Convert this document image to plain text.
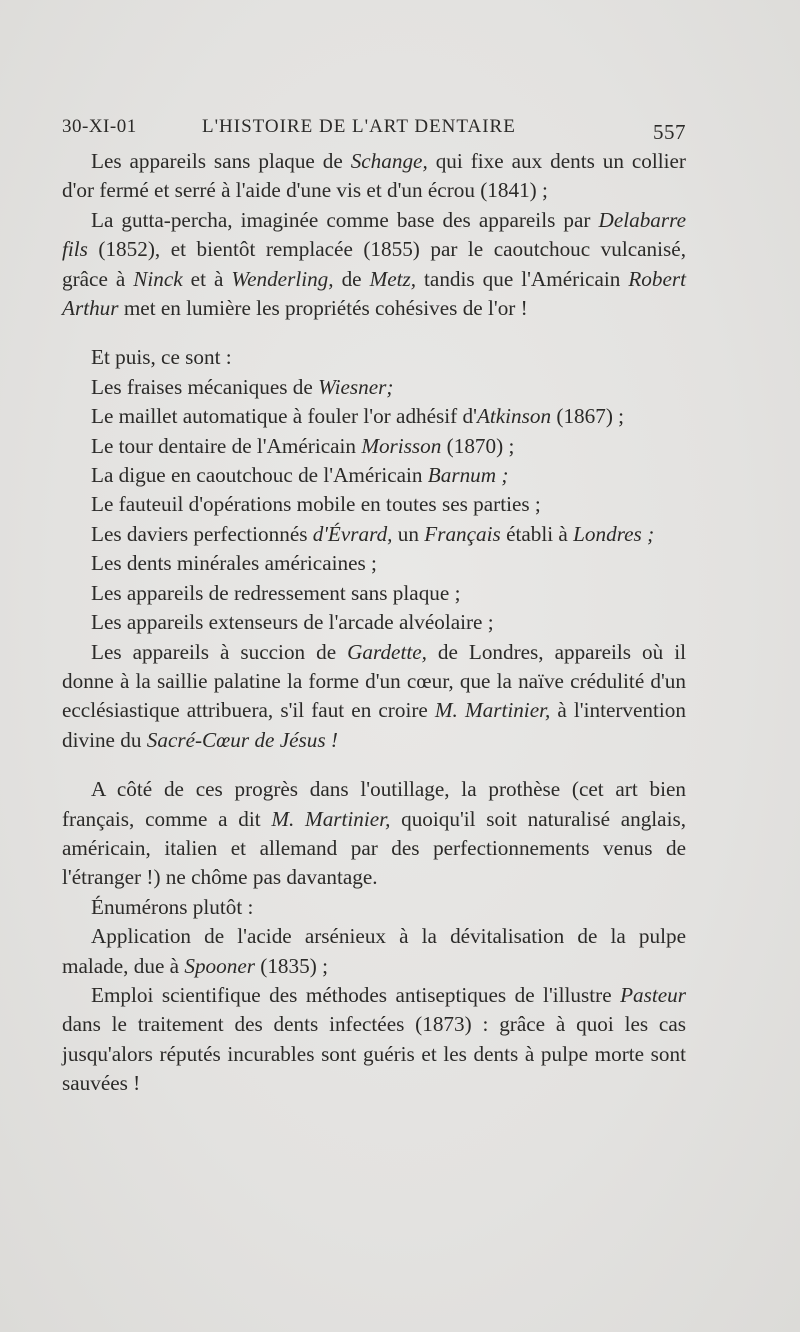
30-XI-01	L'HISTOIRE DE L'ART DENTAIRE	557

Les appareils sans plaque de Schange, qui fixe aux dents un collier d'or fermé et serré à l'aide d'une vis et d'un écrou (1841) ;

La gutta-percha, imaginée comme base des appareils par Delabarre fils (1852), et bientôt remplacée (1855) par le caoutchouc vulcanisé, grâce à Ninck et à Wenderling, de Metz, tandis que l'Américain Robert Arthur met en lumière les propriétés cohésives de l'or !

Et puis, ce sont :

Les fraises mécaniques de Wiesner;

Le maillet automatique à fouler l'or adhésif d'Atkinson (1867) ;

Le tour dentaire de l'Américain Morisson (1870) ;

La digue en caoutchouc de l'Américain Barnum ;

Le fauteuil d'opérations mobile en toutes ses parties ;

Les daviers perfectionnés d'Évrard, un Français établi à Londres ;

Les dents minérales américaines ;

Les appareils de redressement sans plaque ;

Les appareils extenseurs de l'arcade alvéolaire ;

Les appareils à succion de Gardette, de Londres, appareils où il donne à la saillie palatine la forme d'un cœur, que la naïve crédulité d'un ecclésiastique attribuera, s'il faut en croire M. Martinier, à l'intervention divine du Sacré-Cœur de Jésus !

A côté de ces progrès dans l'outillage, la prothèse (cet art bien français, comme a dit M. Martinier, quoiqu'il soit naturalisé anglais, américain, italien et allemand par des perfectionnements venus de l'étranger !) ne chôme pas davantage.

Énumérons plutôt :

Application de l'acide arsénieux à la dévitalisation de la pulpe malade, due à Spooner (1835) ;

Emploi scientifique des méthodes antiseptiques de l'illustre Pasteur dans le traitement des dents infectées (1873) : grâce à quoi les cas jusqu'alors réputés incurables sont guéris et les dents à pulpe morte sont sauvées !
